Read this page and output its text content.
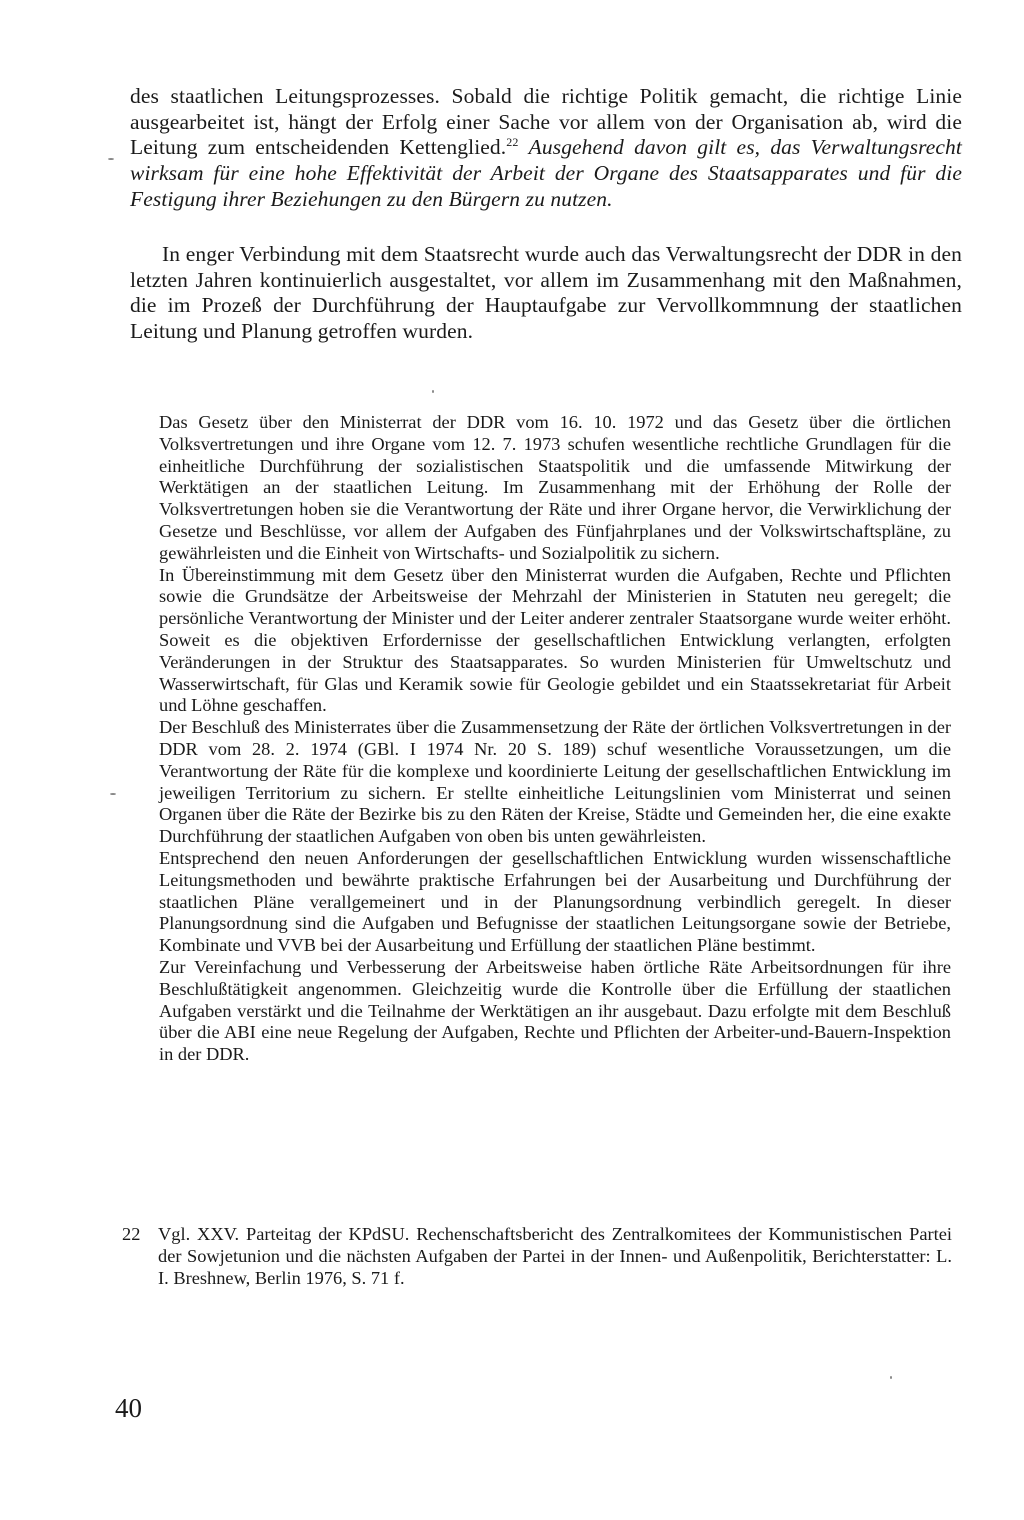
des staatlichen Leitungsprozesses. Sobald die richtige Politik gemacht, die richtige Linie ausgearbeitet ist, hängt der Erfolg einer Sache vor allem von der Organisation ab, wird die Leitung zum entscheidenden Kettenglied.$^{22}$ Ausgehend davon gilt es, das Verwaltungsrecht wirksam für eine hohe Effektivität der Arbeit der Organe des Staatsapparates und für die Festigung ihrer Beziehungen zu den Bürgern zu nutzen.

In enger Verbindung mit dem Staatsrecht wurde auch das Verwaltungsrecht der DDR in den letzten Jahren kontinuierlich ausgestaltet, vor allem im Zusammenhang mit den Maßnahmen, die im Prozeß der Durchführung der Hauptaufgabe zur Vervollkommnung der staatlichen Leitung und Planung getroffen wurden.

Das Gesetz über den Ministerrat der DDR vom 16. 10. 1972 und das Gesetz über die örtlichen Volksvertretungen und ihre Organe vom 12. 7. 1973 schufen wesentliche rechtliche Grundlagen für die einheitliche Durchführung der sozialistischen Staatspolitik und die umfassende Mitwirkung der Werktätigen an der staatlichen Leitung. Im Zusammenhang mit der Erhöhung der Rolle der Volksvertretungen hoben sie die Verantwortung der Räte und ihrer Organe hervor, die Verwirklichung der Gesetze und Beschlüsse, vor allem der Aufgaben des Fünfjahrplanes und der Volkswirtschaftspläne, zu gewährleisten und die Einheit von Wirtschafts- und Sozialpolitik zu sichern.

In Übereinstimmung mit dem Gesetz über den Ministerrat wurden die Aufgaben, Rechte und Pflichten sowie die Grundsätze der Arbeitsweise der Mehrzahl der Ministerien in Statuten neu geregelt; die persönliche Verantwortung der Minister und der Leiter anderer zentraler Staatsorgane wurde weiter erhöht. Soweit es die objektiven Erfordernisse der gesellschaftlichen Entwicklung verlangten, erfolgten Veränderungen in der Struktur des Staatsapparates. So wurden Ministerien für Umweltschutz und Wasserwirtschaft, für Glas und Keramik sowie für Geologie gebildet und ein Staatssekretariat für Arbeit und Löhne geschaffen.

Der Beschluß des Ministerrates über die Zusammensetzung der Räte der örtlichen Volksvertretungen in der DDR vom 28. 2. 1974 (GBl. I 1974 Nr. 20 S. 189) schuf wesentliche Voraussetzungen, um die Verantwortung der Räte für die komplexe und koordinierte Leitung der gesellschaftlichen Entwicklung im jeweiligen Territorium zu sichern. Er stellte einheitliche Leitungslinien vom Ministerrat und seinen Organen über die Räte der Bezirke bis zu den Räten der Kreise, Städte und Gemeinden her, die eine exakte Durchführung der staatlichen Aufgaben von oben bis unten gewährleisten.

Entsprechend den neuen Anforderungen der gesellschaftlichen Entwicklung wurden wissenschaftliche Leitungsmethoden und bewährte praktische Erfahrungen bei der Ausarbeitung und Durchführung der staatlichen Pläne verallgemeinert und in der Planungsordnung verbindlich geregelt. In dieser Planungsordnung sind die Aufgaben und Befugnisse der staatlichen Leitungsorgane sowie der Betriebe, Kombinate und VVB bei der Ausarbeitung und Erfüllung der staatlichen Pläne bestimmt.

Zur Vereinfachung und Verbesserung der Arbeitsweise haben örtliche Räte Arbeitsordnungen für ihre Beschlußtätigkeit angenommen. Gleichzeitig wurde die Kontrolle über die Erfüllung der staatlichen Aufgaben verstärkt und die Teilnahme der Werktätigen an ihr ausgebaut. Dazu erfolgte mit dem Beschluß über die ABI eine neue Regelung der Aufgaben, Rechte und Pflichten der Arbeiter-und-Bauern-Inspektion in der DDR.

22 Vgl. XXV. Parteitag der KPdSU. Rechenschaftsbericht des Zentralkomitees der Kommunistischen Partei der Sowjetunion und die nächsten Aufgaben der Partei in der Innen- und Außenpolitik, Berichterstatter: L. I. Breshnew, Berlin 1976, S. 71 f.

40
